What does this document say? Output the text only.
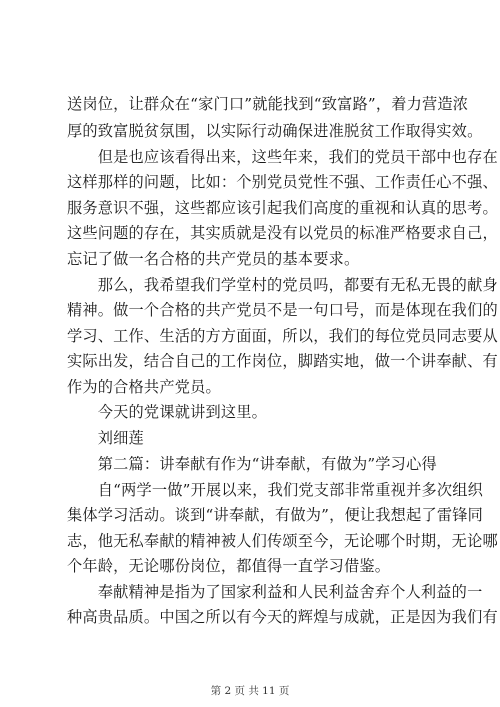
送岗位，让群众在“家门口”就能找到“致富路”，着力营造浓
厚的致富脱贫氛围，以实际行动确保进准脱贫工作取得实效。
　　但是也应该看得出来，这些年来，我们的党员干部中也存在
这样那样的问题，比如：个别党员党性不强、工作责任心不强、
服务意识不强，这些都应该引起我们高度的重视和认真的思考。
这些问题的存在，其实质就是没有以党员的标准严格要求自己，
忘记了做一名合格的共产党员的基本要求。
　　那么，我希望我们学堂村的党员吗，都要有无私无畏的献身
精神。做一个合格的共产党员不是一句口号，而是体现在我们的
学习、工作、生活的方方面面，所以，我们的每位党员同志要从
实际出发，结合自己的工作岗位，脚踏实地，做一个讲奉献、有
作为的合格共产党员。
　　今天的党课就讲到这里。
　　刘细莲
　　第二篇：讲奉献有作为“讲奉献，有做为”学习心得
　　自“两学一做”开展以来，我们党支部非常重视并多次组织
集体学习活动。谈到“讲奉献，有做为”，便让我想起了雷锋同
志，他无私奉献的精神被人们传颂至今，无论哪个时期，无论哪
个年龄，无论哪份岗位，都值得一直学习借鉴。
　　奉献精神是指为了国家利益和人民利益舍弃个人利益的一
种高贵品质。中国之所以有今天的辉煌与成就，正是因为我们有
第 2 页 共 11 页
